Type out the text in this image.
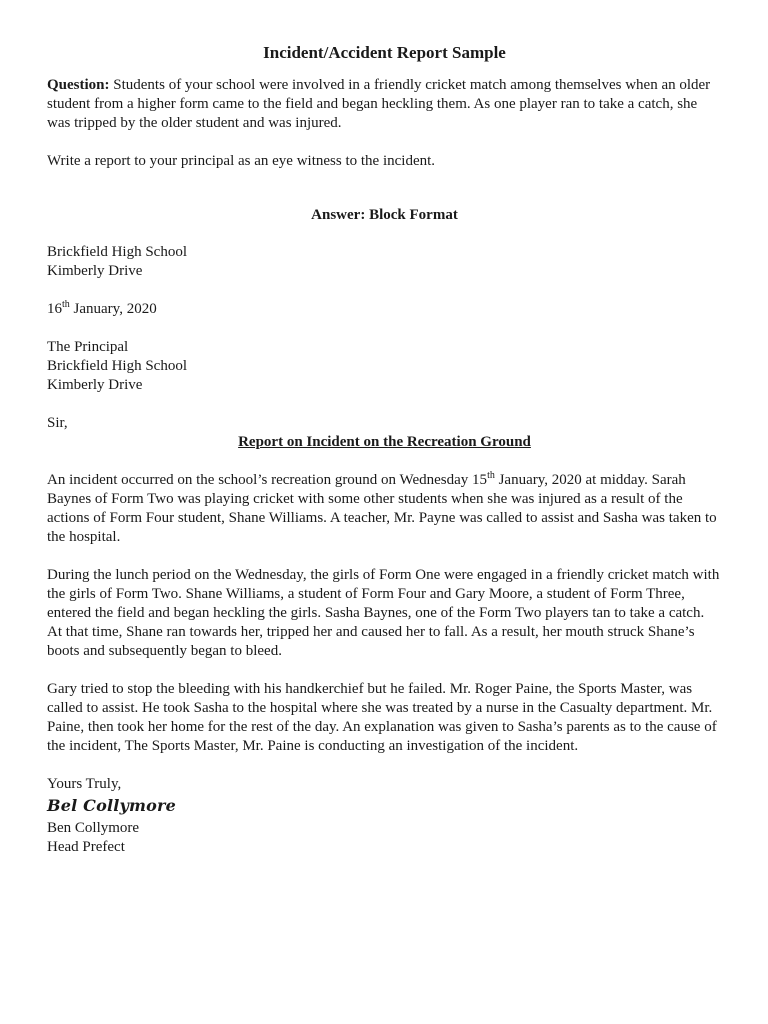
Incident/Accident Report Sample

Question: Students of your school were involved in a friendly cricket match among themselves when an older student from a higher form came to the field and began heckling them. As one player ran to take a catch, she was tripped by the older student and was injured.

Write a report to your principal as an eye witness to the incident.

Answer: Block Format

Brickfield High School
Kimberly Drive
16th January, 2020
The Principal
Brickfield High School
Kimberly Drive

Sir,

Report on Incident on the Recreation Ground

An incident occurred on the school’s recreation ground on Wednesday 15th January, 2020 at midday. Sarah Baynes of Form Two was playing cricket with some other students when she was injured as a result of the actions of Form Four student, Shane Williams. A teacher, Mr. Payne was called to assist and Sasha was taken to the hospital.

During the lunch period on the Wednesday, the girls of Form One were engaged in a friendly cricket match with the girls of Form Two. Shane Williams, a student of Form Four and Gary Moore, a student of Form Three, entered the field and began heckling the girls. Sasha Baynes, one of the Form Two players tan to take a catch. At that time, Shane ran towards her, tripped her and caused her to fall. As a result, her mouth struck Shane’s boots and subsequently began to bleed.

Gary tried to stop the bleeding with his handkerchief but he failed. Mr. Roger Paine, the Sports Master, was called to assist. He took Sasha to the hospital where she was treated by a nurse in the Casualty department. Mr. Paine, then took her home for the rest of the day. An explanation was given to Sasha’s parents as to the cause of the incident, The Sports Master, Mr. Paine is conducting an investigation of the incident.

Yours Truly,
Bel Collymore
Ben Collymore
Head Prefect
